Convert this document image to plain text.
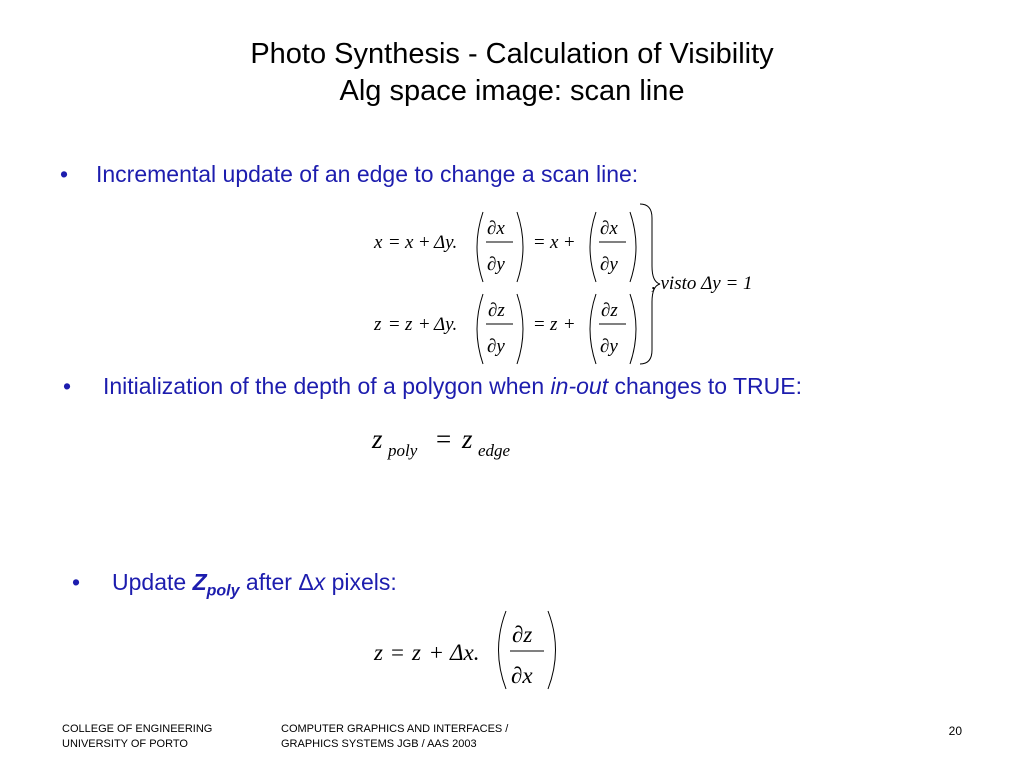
Photo Synthesis - Calculation of Visibility
Alg space image: scan line
• Incremental update of an edge to change a scan line:
x = x + Δy.
∂x
∂y
= x +
∂x
∂y
z = z + Δy.
∂z
∂y
= z +
∂z
∂y
, visto Δy = 1
• Initialization of the depth of a polygon when in-out changes to TRUE:
z poly = z edge
• Update $Z_{poly}$ after Δx pixels:
z = z + Δx.
∂z
∂x
COLLEGE OF ENGINEERING
UNIVERSITY OF PORTO
COMPUTER GRAPHICS AND INTERFACES /
GRAPHICS SYSTEMS JGB / AAS 2003
20
